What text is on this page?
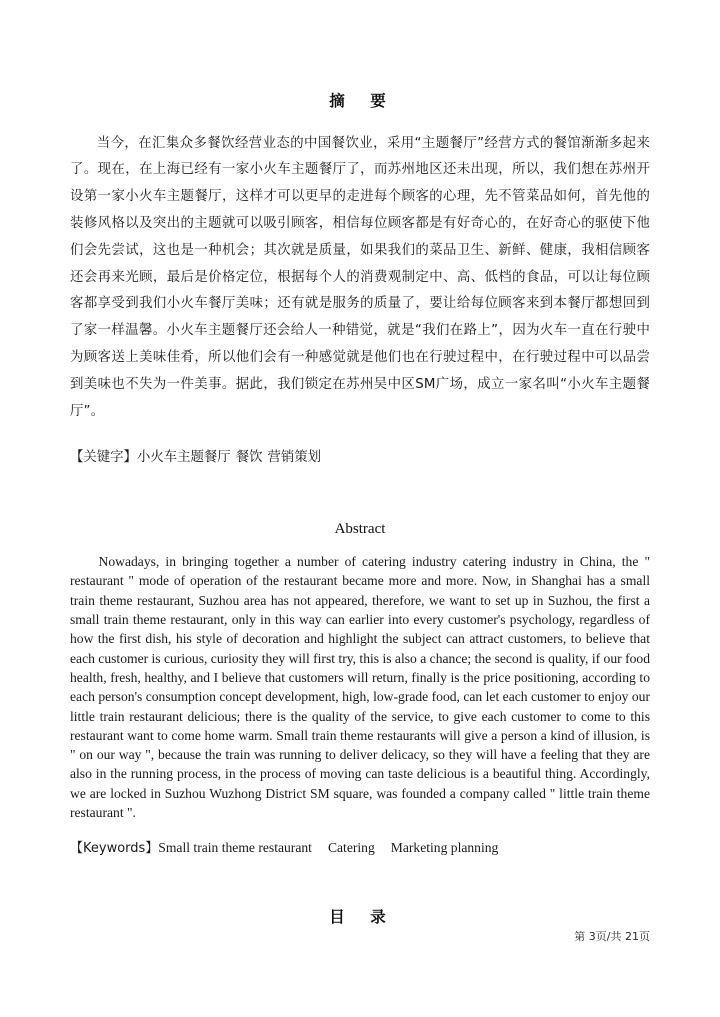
摘　要

当今，在汇集众多餐饮经营业态的中国餐饮业，采用“主题餐厅”经营方式的餐馆渐渐多起来了。现在，在上海已经有一家小火车主题餐厅了，而苏州地区还未出现，所以，我们想在苏州开设第一家小火车主题餐厅，这样才可以更早的走进每个顾客的心理，先不管菜品如何，首先他的装修风格以及突出的主题就可以吸引顾客，相信每位顾客都是有好奇心的，在好奇心的驱使下他们会先尝试，这也是一种机会；其次就是质量，如果我们的菜品卫生、新鲜、健康，我相信顾客还会再来光顾，最后是价格定位，根据每个人的消费观制定中、高、低档的食品，可以让每位顾客都享受到我们小火车餐厅美味；还有就是服务的质量了，要让给每位顾客来到本餐厅都想回到了家一样温馨。小火车主题餐厅还会给人一种错觉，就是“我们在路上”，因为火车一直在行驶中为顾客送上美味佳肴，所以他们会有一种感觉就是他们也在行驶过程中，在行驶过程中可以品尝到美味也不失为一件美事。据此，我们锁定在苏州吴中区SM广场，成立一家名叫“小火车主题餐厅”。

【关键字】小火车主题餐厅 餐饮 营销策划

Abstract

Nowadays, in bringing together a number of catering industry catering industry in China, the " restaurant " mode of operation of the restaurant became more and more. Now, in Shanghai has a small train theme restaurant, Suzhou area has not appeared, therefore, we want to set up in Suzhou, the first a small train theme restaurant, only in this way can earlier into every customer's psychology, regardless of how the first dish, his style of decoration and highlight the subject can attract customers, to believe that each customer is curious, curiosity they will first try, this is also a chance; the second is quality, if our food health, fresh, healthy, and I believe that customers will return, finally is the price positioning, according to each person's consumption concept development, high, low-grade food, can let each customer to enjoy our little train restaurant delicious; there is the quality of the service, to give each customer to come to this restaurant want to come home warm. Small train theme restaurants will give a person a kind of illusion, is " on our way ", because the train was running to deliver delicacy, so they will have a feeling that they are also in the running process, in the process of moving can taste delicious is a beautiful thing. Accordingly, we are locked in Suzhou Wuzhong District SM square, was founded a company called " little train theme restaurant ".

【Keywords】Small train theme restaurant Catering Marketing planning

目　录
第 3页/共 21页
